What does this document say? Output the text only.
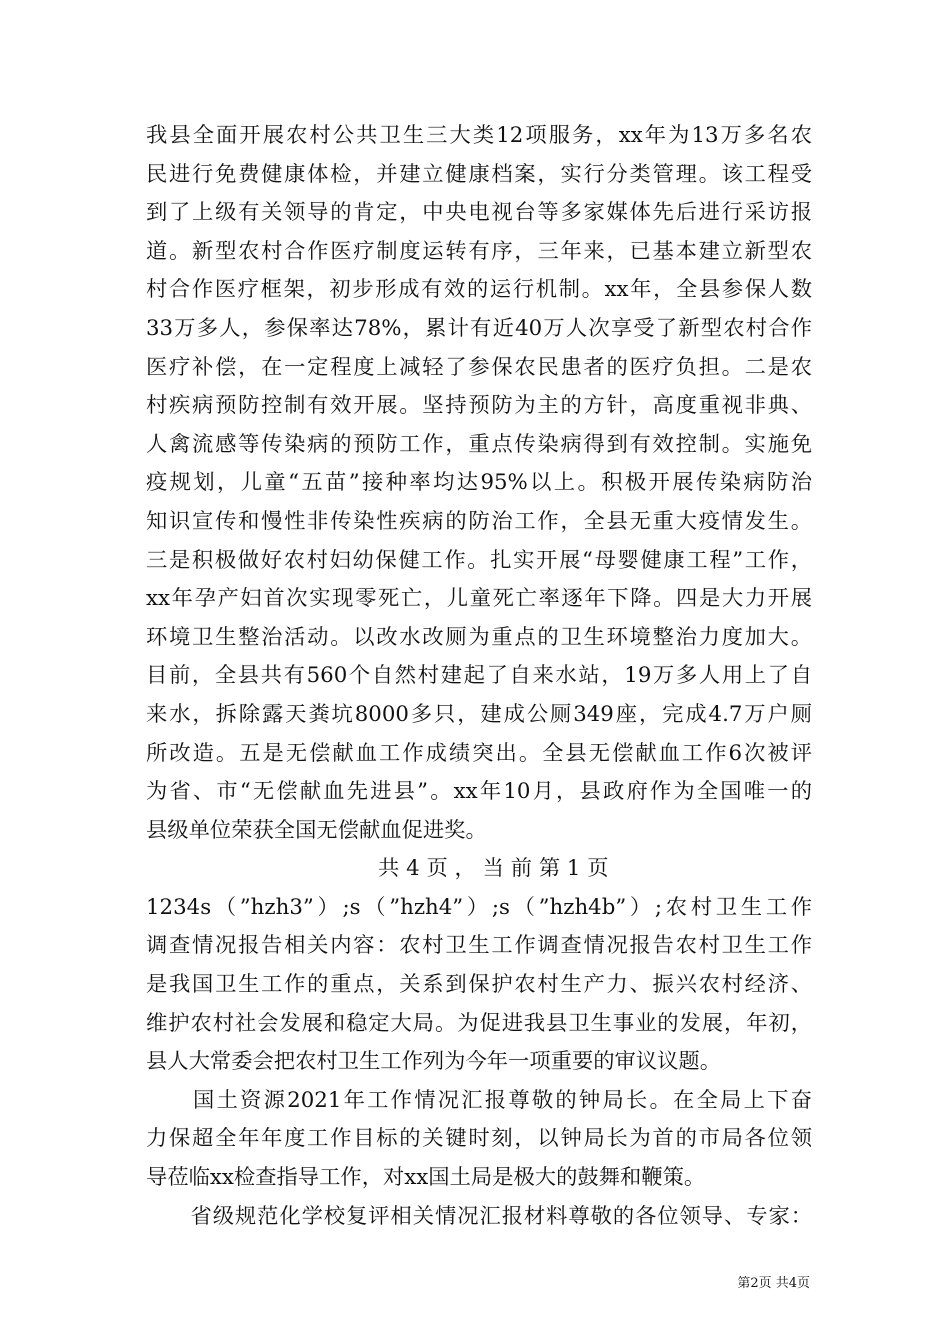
我县全面开展农村公共卫生三大类12项服务，xx年为13万多名农
民进行免费健康体检，并建立健康档案，实行分类管理。该工程受
到了上级有关领导的肯定，中央电视台等多家媒体先后进行采访报
道。新型农村合作医疗制度运转有序，三年来，已基本建立新型农
村合作医疗框架，初步形成有效的运行机制。xx年，全县参保人数
33万多人，参保率达78%，累计有近40万人次享受了新型农村合作
医疗补偿，在一定程度上减轻了参保农民患者的医疗负担。二是农
村疾病预防控制有效开展。坚持预防为主的方针，高度重视非典、
人禽流感等传染病的预防工作，重点传染病得到有效控制。实施免
疫规划，儿童“五苗”接种率均达95%以上。积极开展传染病防治
知识宣传和慢性非传染性疾病的防治工作，全县无重大疫情发生。
三是积极做好农村妇幼保健工作。扎实开展“母婴健康工程”工作，
xx年孕产妇首次实现零死亡，儿童死亡率逐年下降。四是大力开展
环境卫生整治活动。以改水改厕为重点的卫生环境整治力度加大。
目前，全县共有560个自然村建起了自来水站，19万多人用上了自
来水，拆除露天粪坑8000多只，建成公厕349座，完成4.7万户厕
所改造。五是无偿献血工作成绩突出。全县无偿献血工作6次被评
为省、市“无偿献血先进县”。xx年10月，县政府作为全国唯一的
县级单位荣获全国无偿献血促进奖。
共 4 页 ， 当 前 第 1 页
1234s（”hzh3”）;s（”hzh4”）;s（”hzh4b”）;农村卫生工作
调查情况报告相关内容：农村卫生工作调查情况报告农村卫生工作
是我国卫生工作的重点，关系到保护农村生产力、振兴农村经济、
维护农村社会发展和稳定大局。为促进我县卫生事业的发展，年初，
县人大常委会把农村卫生工作列为今年一项重要的审议议题。
　　国土资源2021年工作情况汇报尊敬的钟局长。在全局上下奋
力保超全年年度工作目标的关键时刻，以钟局长为首的市局各位领
导莅临xx检查指导工作，对xx国土局是极大的鼓舞和鞭策。
　　省级规范化学校复评相关情况汇报材料尊敬的各位领导、专家：
第2页 共4页
